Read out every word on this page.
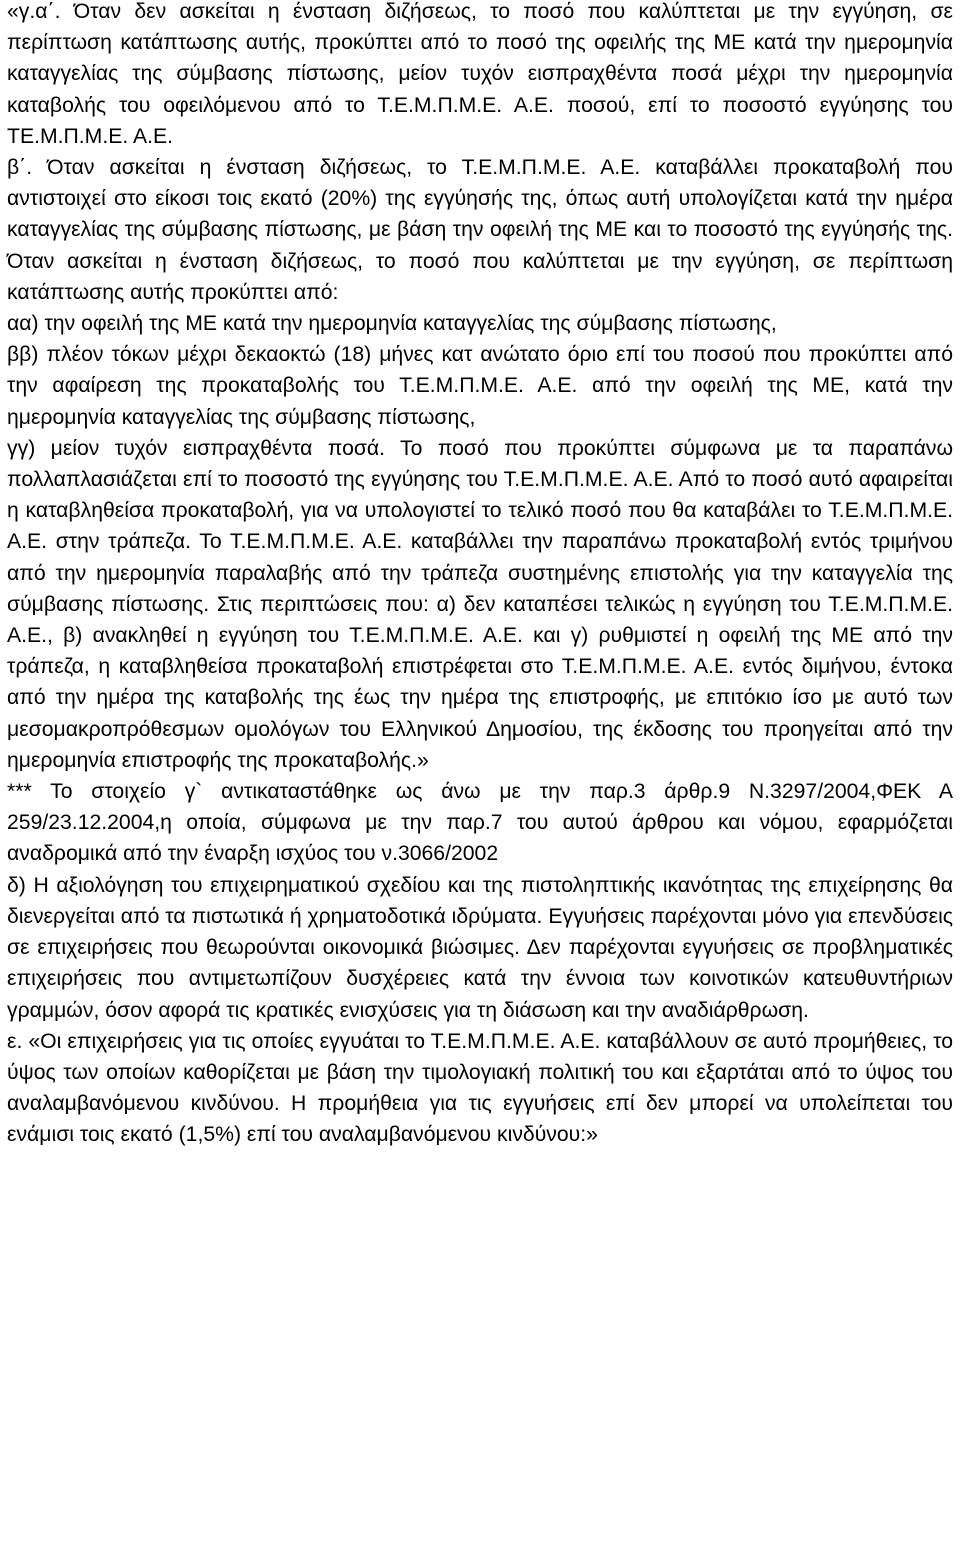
«γ.α΄. Όταν δεν ασκείται η ένσταση διζήσεως, το ποσό που καλύπτεται με την εγγύηση, σε περίπτωση κατάπτωσης αυτής, προκύπτει από το ποσό της οφειλής της ΜΕ κατά την ημερομηνία καταγγελίας της σύμβασης πίστωσης, μείον τυχόν εισπραχθέντα ποσά μέχρι την ημερομηνία καταβολής του οφειλόμενου από το Τ.Ε.Μ.Π.Μ.Ε. Α.Ε. ποσού, επί το ποσοστό εγγύησης του ΤΕ.Μ.Π.Μ.Ε. Α.Ε.

β΄. Όταν ασκείται η ένσταση διζήσεως, το Τ.Ε.Μ.Π.Μ.Ε. Α.Ε. καταβάλλει προκαταβολή που αντιστοιχεί στο είκοσι τοις εκατό (20%) της εγγύησής της, όπως αυτή υπολογίζεται κατά την ημέρα καταγγελίας της σύμβασης πίστωσης, με βάση την οφειλή της ΜΕ και το ποσοστό της εγγύησής της. Όταν ασκείται η ένσταση διζήσεως, το ποσό που καλύπτεται με την εγγύηση, σε περίπτωση κατάπτωσης αυτής προκύπτει από:

αα) την οφειλή της ΜΕ κατά την ημερομηνία καταγγελίας της σύμβασης πίστωσης,

ββ) πλέον τόκων μέχρι δεκαοκτώ (18) μήνες κατ ανώτατο όριο επί του ποσού που προκύπτει από την αφαίρεση της προκαταβολής του Τ.Ε.Μ.Π.Μ.Ε. Α.Ε. από την οφειλή της ΜΕ, κατά την ημερομηνία καταγγελίας της σύμβασης πίστωσης,

γγ) μείον τυχόν εισπραχθέντα ποσά. Το ποσό που προκύπτει σύμφωνα με τα παραπάνω πολλαπλασιάζεται επί το ποσοστό της εγγύησης του Τ.Ε.Μ.Π.Μ.Ε. Α.Ε. Από το ποσό αυτό αφαιρείται η καταβληθείσα προκαταβολή, για να υπολογιστεί το τελικό ποσό που θα καταβάλει το Τ.Ε.Μ.Π.Μ.Ε. Α.Ε. στην τράπεζα. Το Τ.Ε.Μ.Π.Μ.Ε. Α.Ε. καταβάλλει την παραπάνω προκαταβολή εντός τριμήνου από την ημερομηνία παραλαβής από την τράπεζα συστημένης επιστολής για την καταγγελία της σύμβασης πίστωσης. Στις περιπτώσεις που: α) δεν καταπέσει τελικώς η εγγύηση του Τ.Ε.Μ.Π.Μ.Ε. Α.Ε., β) ανακληθεί η εγγύηση του Τ.Ε.Μ.Π.Μ.Ε. Α.Ε. και γ) ρυθμιστεί η οφειλή της ΜΕ από την τράπεζα, η καταβληθείσα προκαταβολή επιστρέφεται στο Τ.Ε.Μ.Π.Μ.Ε. Α.Ε. εντός διμήνου, έντοκα από την ημέρα της καταβολής της έως την ημέρα της επιστροφής, με επιτόκιο ίσο με αυτό των μεσομακροπρόθεσμων ομολόγων του Ελληνικού Δημοσίου, της έκδοσης του προηγείται από την ημερομηνία επιστροφής της προκαταβολής.»

*** Το στοιχείο γ` αντικαταστάθηκε ως άνω με την παρ.3 άρθρ.9 Ν.3297/2004,ΦΕΚ Α 259/23.12.2004,η οποία, σύμφωνα με την παρ.7 του αυτού άρθρου και νόμου, εφαρμόζεται αναδρομικά από την έναρξη ισχύος του ν.3066/2002

δ) Η αξιολόγηση του επιχειρηματικού σχεδίου και της πιστοληπτικής ικανότητας της επιχείρησης θα διενεργείται από τα πιστωτικά ή χρηματοδοτικά ιδρύματα. Εγγυήσεις παρέχονται μόνο για επενδύσεις σε επιχειρήσεις που θεωρούνται οικονομικά βιώσιμες. Δεν παρέχονται εγγυήσεις σε προβληματικές επιχειρήσεις που αντιμετωπίζουν δυσχέρειες κατά την έννοια των κοινοτικών κατευθυντήριων γραμμών, όσον αφορά τις κρατικές ενισχύσεις για τη διάσωση και την αναδιάρθρωση.

ε. «Οι επιχειρήσεις για τις οποίες εγγυάται το Τ.Ε.Μ.Π.Μ.Ε. Α.Ε. καταβάλλουν σε αυτό προμήθειες, το ύψος των οποίων καθορίζεται με βάση την τιμολογιακή πολιτική του και εξαρτάται από το ύψος του αναλαμβανόμενου κινδύνου. Η προμήθεια για τις εγγυήσεις επί δεν μπορεί να υπολείπεται του ενάμισι τοις εκατό (1,5%) επί του αναλαμβανόμενου κινδύνου:»
